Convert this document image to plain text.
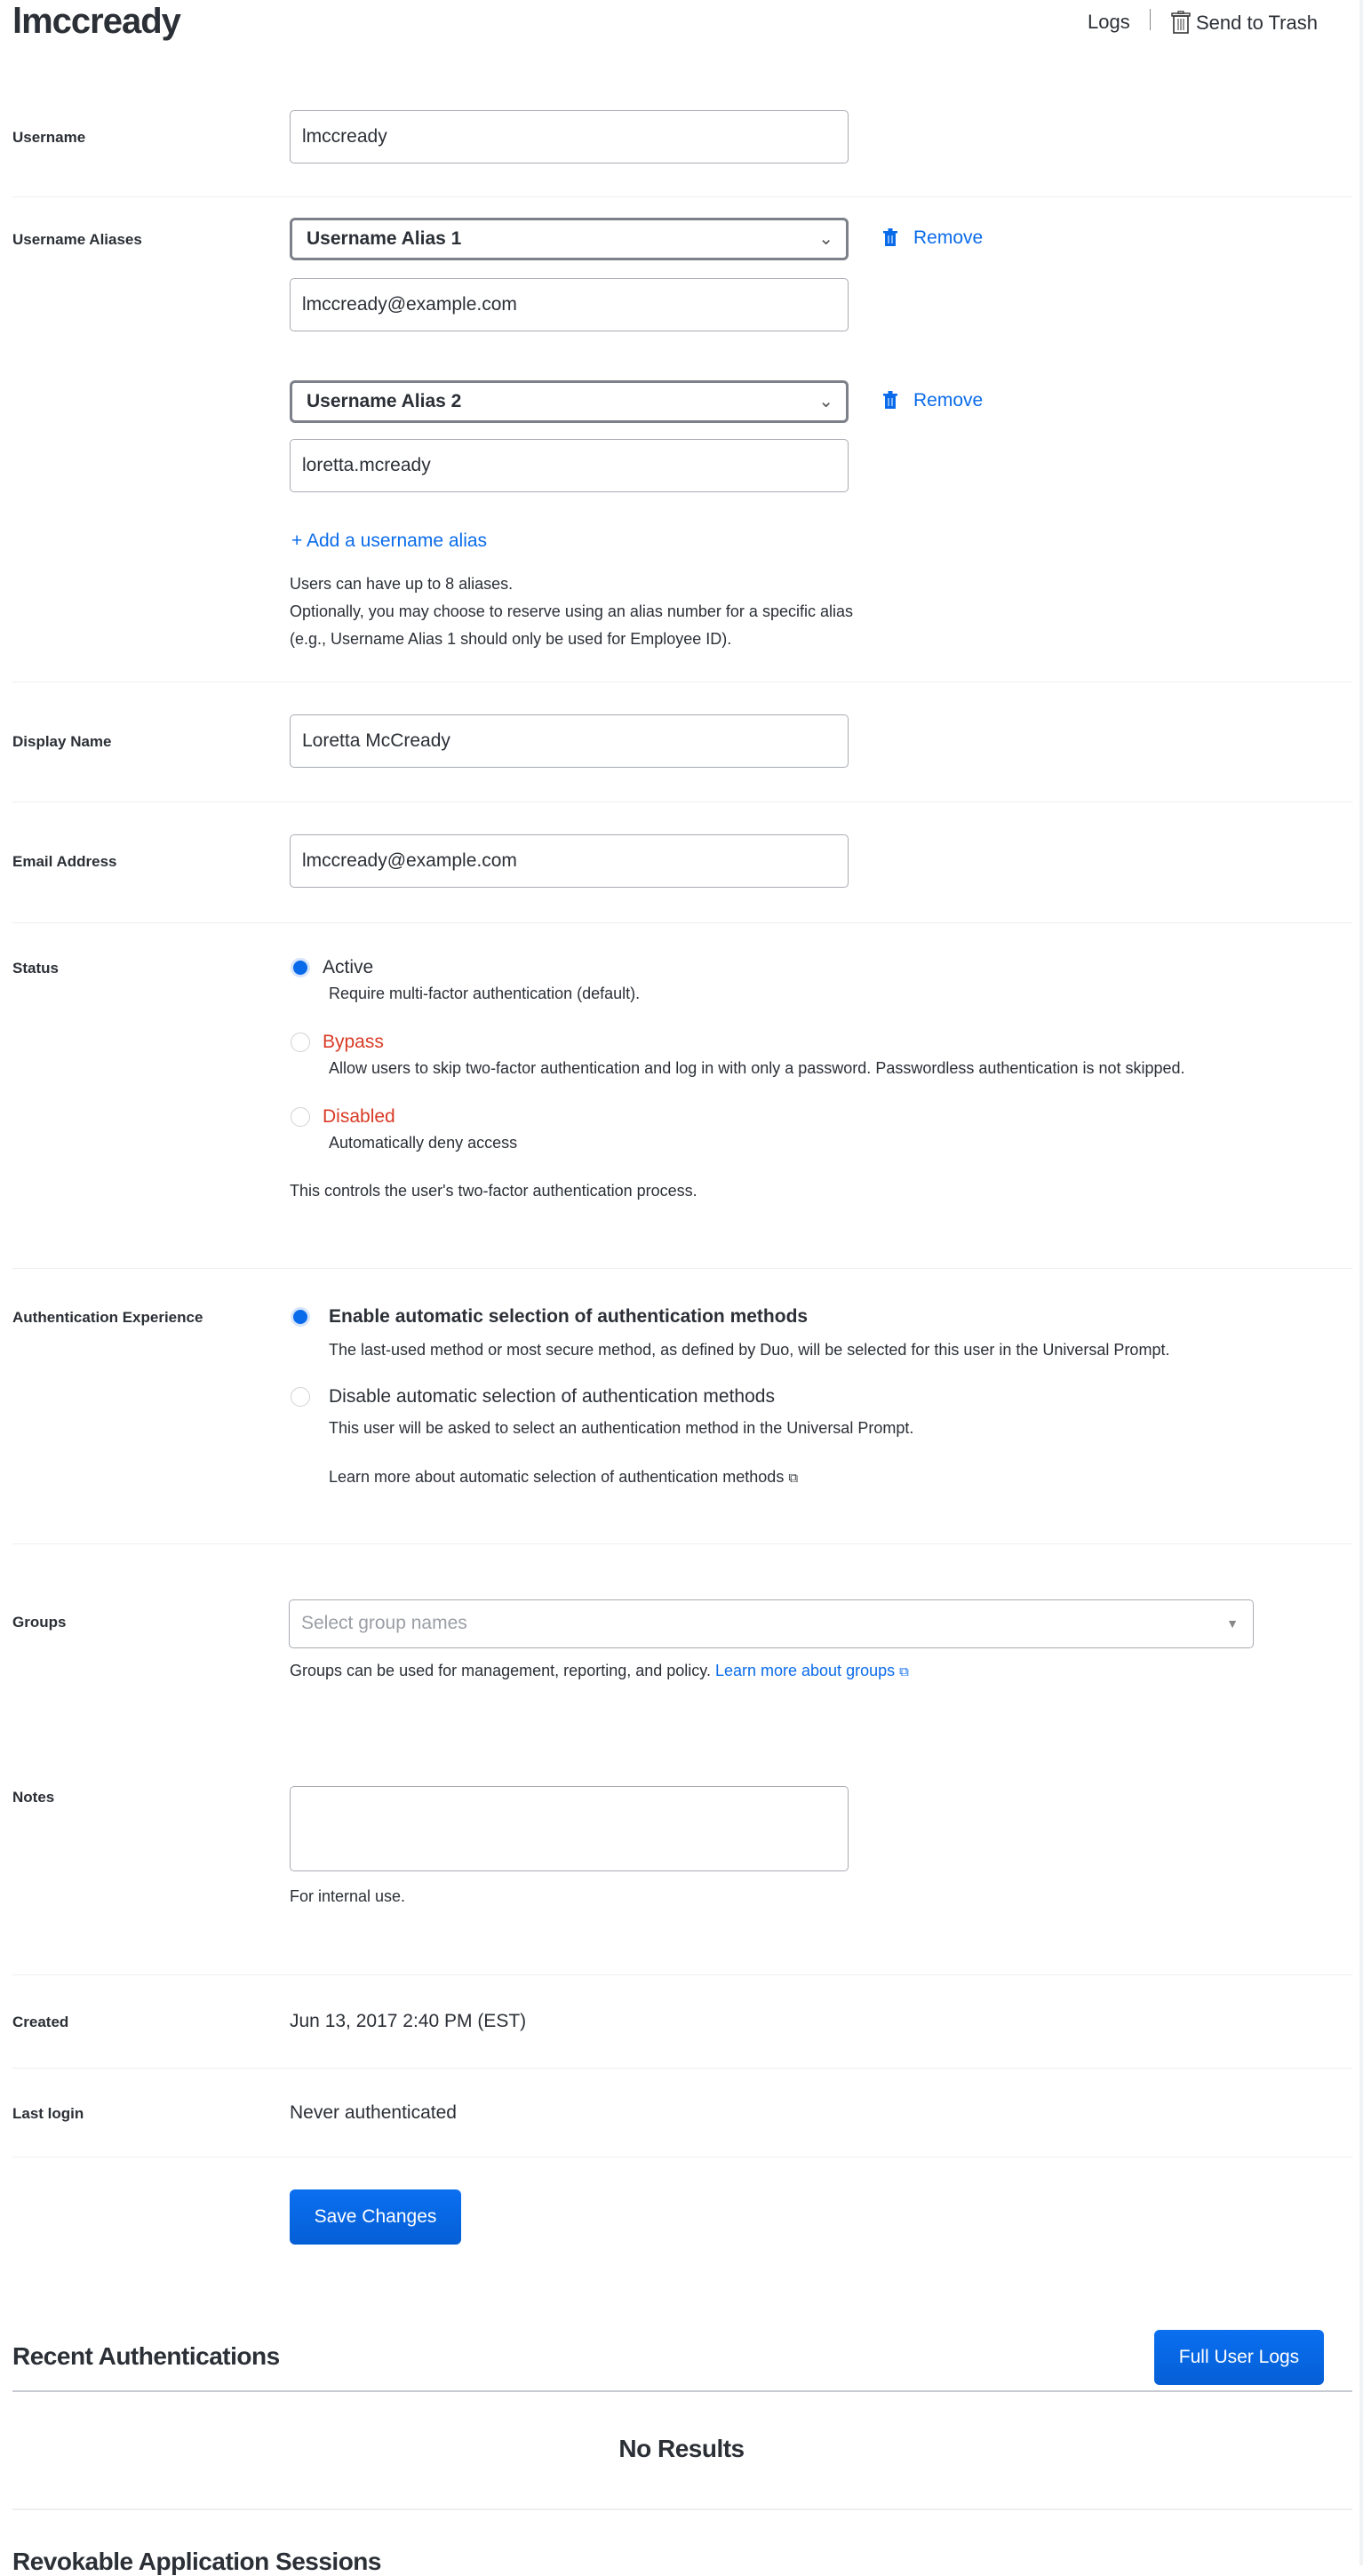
lmccready	Logs	Send to Trash
Username	lmccready
Username Aliases	Username Alias 1	⌄	Remove
lmccready@example.com
Username Alias 2	⌄	Remove
loretta.mcready
+ Add a username alias
Users can have up to 8 aliases.
Optionally, you may choose to reserve using an alias number for a specific alias
(e.g., Username Alias 1 should only be used for Employee ID).
Display Name	Loretta McCready
Email Address	lmccready@example.com
Status	Active
Require multi-factor authentication (default).
Bypass
Allow users to skip two-factor authentication and log in with only a password. Passwordless authentication is not skipped.
Disabled
Automatically deny access
This controls the user's two-factor authentication process.
Authentication Experience	Enable automatic selection of authentication methods
The last-used method or most secure method, as defined by Duo, will be selected for this user in the Universal Prompt.
Disable automatic selection of authentication methods
This user will be asked to select an authentication method in the Universal Prompt.
Learn more about automatic selection of authentication methods ⧉
Groups	Select group names	▼
Groups can be used for management, reporting, and policy. Learn more about groups ⧉
Notes
For internal use.
Created	Jun 13, 2017 2:40 PM (EST)
Last login	Never authenticated
Save Changes
Recent Authentications	Full User Logs
No Results
Revokable Application Sessions
